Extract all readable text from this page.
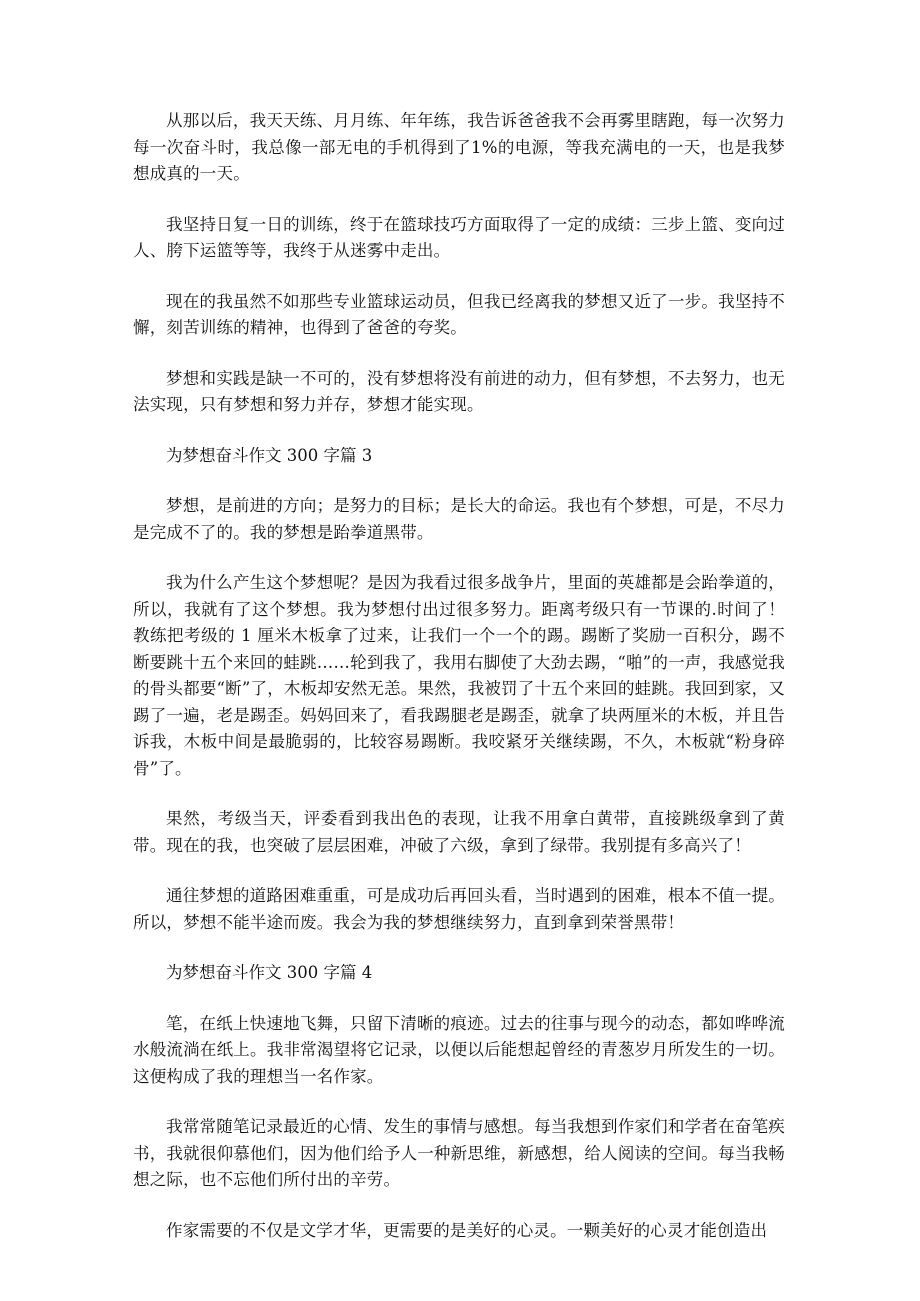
从那以后，我天天练、月月练、年年练，我告诉爸爸我不会再雾里瞎跑，每一次努力每一次奋斗时，我总像一部无电的手机得到了1%的电源，等我充满电的一天，也是我梦想成真的一天。

我坚持日复一日的训练，终于在篮球技巧方面取得了一定的成绩：三步上篮、变向过人、胯下运篮等等，我终于从迷雾中走出。

现在的我虽然不如那些专业篮球运动员，但我已经离我的梦想又近了一步。我坚持不懈，刻苦训练的精神，也得到了爸爸的夸奖。

梦想和实践是缺一不可的，没有梦想将没有前进的动力，但有梦想，不去努力，也无法实现，只有梦想和努力并存，梦想才能实现。

为梦想奋斗作文 300 字篇 3

梦想，是前进的方向；是努力的目标；是长大的命运。我也有个梦想，可是，不尽力是完成不了的。我的梦想是跆拳道黑带。

我为什么产生这个梦想呢？是因为我看过很多战争片，里面的英雄都是会跆拳道的，所以，我就有了这个梦想。我为梦想付出过很多努力。距离考级只有一节课的.时间了！教练把考级的 1 厘米木板拿了过来，让我们一个一个的踢。踢断了奖励一百积分，踢不断要跳十五个来回的蛙跳……轮到我了，我用右脚使了大劲去踢，“啪”的一声，我感觉我的骨头都要“断”了，木板却安然无恙。果然，我被罚了十五个来回的蛙跳。我回到家，又踢了一遍，老是踢歪。妈妈回来了，看我踢腿老是踢歪，就拿了块两厘米的木板，并且告诉我，木板中间是最脆弱的，比较容易踢断。我咬紧牙关继续踢，不久，木板就“粉身碎骨”了。

果然，考级当天，评委看到我出色的表现，让我不用拿白黄带，直接跳级拿到了黄带。现在的我，也突破了层层困难，冲破了六级，拿到了绿带。我别提有多高兴了！

通往梦想的道路困难重重，可是成功后再回头看，当时遇到的困难，根本不值一提。所以，梦想不能半途而废。我会为我的梦想继续努力，直到拿到荣誉黑带！

为梦想奋斗作文 300 字篇 4

笔，在纸上快速地飞舞，只留下清晰的痕迹。过去的往事与现今的动态，都如哗哗流水般流淌在纸上。我非常渴望将它记录，以便以后能想起曾经的青葱岁月所发生的一切。这便构成了我的理想当一名作家。

我常常随笔记录最近的心情、发生的事情与感想。每当我想到作家们和学者在奋笔疾书，我就很仰慕他们，因为他们给予人一种新思维，新感想，给人阅读的空间。每当我畅想之际，也不忘他们所付出的辛劳。

作家需要的不仅是文学才华，更需要的是美好的心灵。一颗美好的心灵才能创造出
